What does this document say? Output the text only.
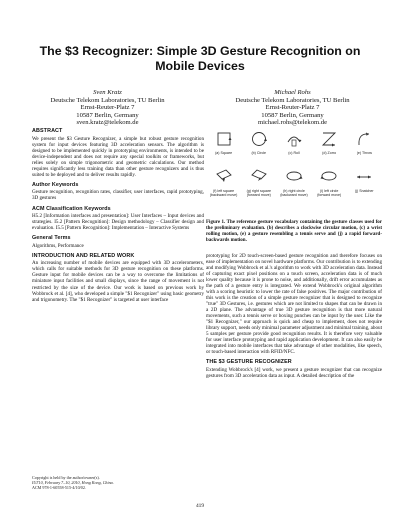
The $3 Recognizer: Simple 3D Gesture Recognition on Mobile Devices
Sven Kratz
Deutsche Telekom Laboratories, TU Berlin
Ernst-Reuter-Platz 7
10587 Berlin, Germany
sven.kratz@telekom.de
Michael Rohs
Deutsche Telekom Laboratories, TU Berlin
Ernst-Reuter-Platz 7
10587 Berlin, Germany
michael.rohs@telekom.de
ABSTRACT
We present the $3 Gesture Recognizer, a simple but robust gesture recognition system for input devices featuring 3D acceleration sensors. The algorithm is designed to be implemented quickly in prototyping environments, is intended to be device-independent and does not require any special toolkits or frameworks, but relies solely on simple trigonometric and geometric calculations. Our method requires significantly less training data than other gesture recognizers and is thus suited to be deployed and to deliver results rapidly.
Author Keywords
Gesture recognition, recognition rates, classifier, user interfaces, rapid prototyping, 3D gestures
ACM Classification Keywords
H5.2 [Information interfaces and presentation]: User Interfaces – Input devices and strategies. I5.2 [Pattern Recognition]: Design methodology – Classifier design and evaluation. I5.5 [Pattern Recognition]: Implementation – Interactive Systems
General Terms
Algorithms, Performance
INTRODUCTION AND RELATED WORK
An increasing number of mobile devices are equipped with 3D accelerometers, which calls for suitable methods for 3D gesture recognition on these platforms. Gesture input for mobile devices can be a way to overcome the limitations of miniature input facilities and small displays, since the range of movement is not restricted by the size of the device. Our work is based on previous work by Wobbrock et al. [4], who developed a simple "$1 Recognizer" using basic geometry and trigonometry. The "$1 Recognizer" is targeted at user interface
(a) Square	(b) Circle	(c) Roll	(d) Zorro	(e) Throw
(f) left square (backward move)
(g) right square (forward move)
(h) right circle (backward move)
(i) left circle (forward move)
(j) Snatcher
Figure 1. The reference gesture vocabulary containing the gesture classes used for the preliminary evaluation. (b) describes a clockwise circular motion, (c) a wrist rolling motion, (e) a gesture resembling a tennis serve and (j) a rapid forward-backwards motion.
prototyping for 2D touch-screen-based gesture recognition and therefore focuses on ease of implementation on novel hardware platforms. Our contribution is to extending and modifying Wobbrock et al.'s algorithm to work with 3D acceleration data. Instead of capturing exact pixel positions on a touch screen, acceleration data is of much lower quality because it is prone to noise, and additionally, drift error accumulates as the path of a gesture entry is integrated. We extend Wobbrock's original algorithm with a scoring heuristic to lower the rate of false positives. The major contribution of this work is the creation of a simple gesture recognizer that is designed to recognize "true" 3D Gestures, i.e. gestures which are not limited to shapes that can be drawn in a 2D plane. The advantage of true 3D gesture recognition is that more natural movements, such a tennis serve or boxing punches can be input by the user. Like the "$1 Recognizer," our approach is quick and cheap to implement, does not require library support, needs only minimal parameter adjustment and minimal training, about 5 samples per gesture provide good recognition results. It is therefore very valuable for user interface prototyping and rapid application development. It can also easily be integrated into mobile interfaces that take advantage of other modalities, like speech, or touch-based interaction with RFID/NFC.
THE $3 GESTURE RECOGNIZER
Extending Wobbrock's [4] work, we present a gesture recognizer that can recognize gestures from 3D acceleration data as input. A detailed description of the
Copyright is held by the author/owner(s).
IUI'10, February 7–10, 2010, Hong Kong, China.
ACM 978-1-60558-515-4/10/02.
419
